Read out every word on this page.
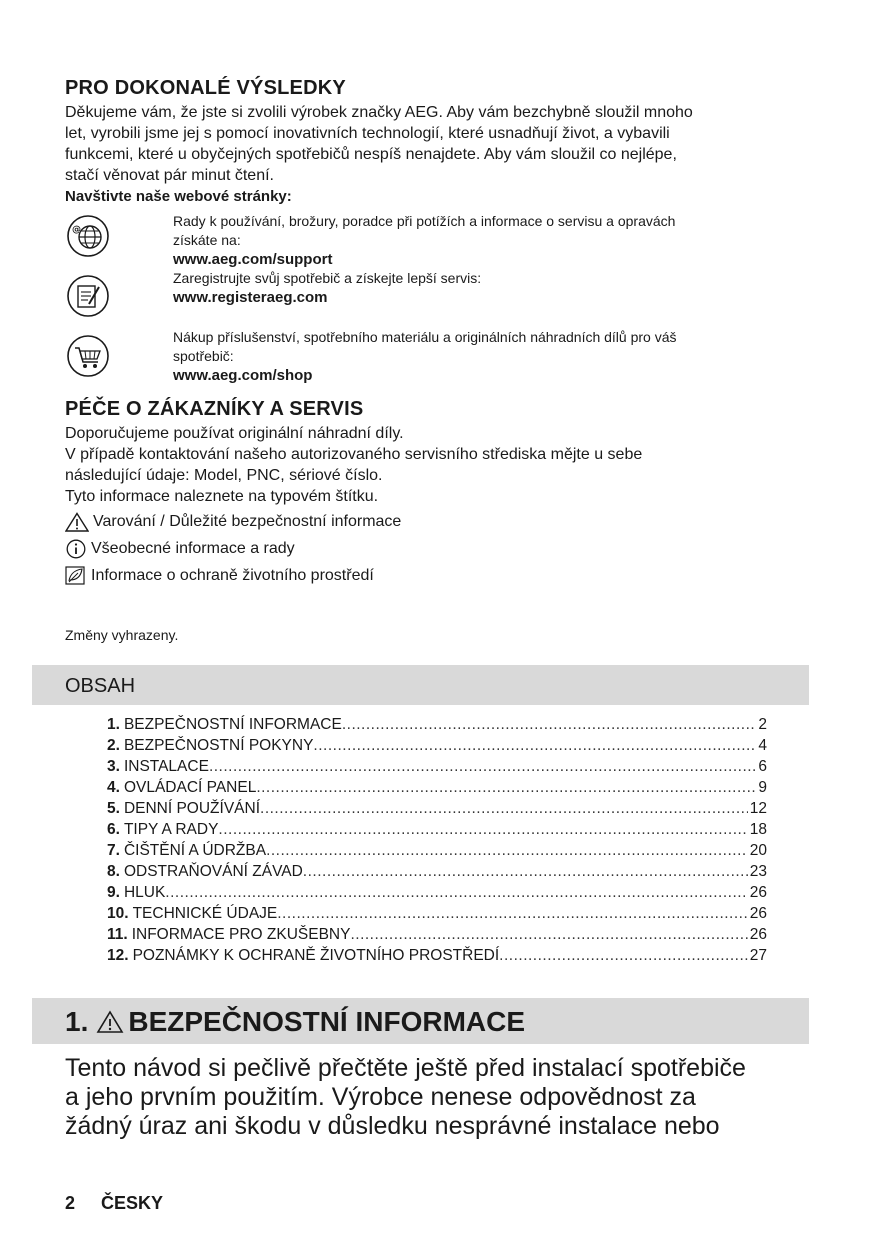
PRO DOKONALÉ VÝSLEDKY
Děkujeme vám, že jste si zvolili výrobek značky AEG. Aby vám bezchybně sloužil mnoho
let, vyrobili jsme jej s pomocí inovativních technologií, které usnadňují život, a vybavili
funkcemi, které u obyčejných spotřebičů nespíš nenajdete. Aby vám sloužil co nejlépe,
stačí věnovat pár minut čtení.
Navštivte naše webové stránky:
@
Rady k používání, brožury, poradce při potížích a informace o servisu a opravách
získáte na:
www.aeg.com/support
Zaregistrujte svůj spotřebič a získejte lepší servis:
www.registeraeg.com
Nákup příslušenství, spotřebního materiálu a originálních náhradních dílů pro váš
spotřebič:
www.aeg.com/shop
PÉČE O ZÁKAZNÍKY A SERVIS
Doporučujeme používat originální náhradní díly.
V případě kontaktování našeho autorizovaného servisního střediska mějte u sebe
následující údaje: Model, PNC, sériové číslo.
Tyto informace naleznete na typovém štítku.
Varování / Důležité bezpečnostní informace
Všeobecné informace a rady
Informace o ochraně životního prostředí
Změny vyhrazeny.
OBSAH
1. BEZPEČNOSTNÍ INFORMACE .....	2
2. BEZPEČNOSTNÍ POKYNY .....	4
3. INSTALACE .....	6
4. OVLÁDACÍ PANEL .....	9
5. DENNÍ POUŽÍVÁNÍ .....	12
6. TIPY A RADY .....	18
7. ČIŠTĚNÍ A ÚDRŽBA .....	20
8. ODSTRAŇOVÁNÍ ZÁVAD .....	23
9. HLUK .....	26
10. TECHNICKÉ ÚDAJE .....	26
11. INFORMACE PRO ZKUŠEBNY .....	26
12. POZNÁMKY K OCHRANĚ ŽIVOTNÍHO PROSTŘEDÍ .....	27
1. BEZPEČNOSTNÍ INFORMACE
Tento návod si pečlivě přečtěte ještě před instalací spotřebiče
a jeho prvním použitím. Výrobce nenese odpovědnost za
žádný úraz ani škodu v důsledku nesprávné instalace nebo
2 ČESKY
